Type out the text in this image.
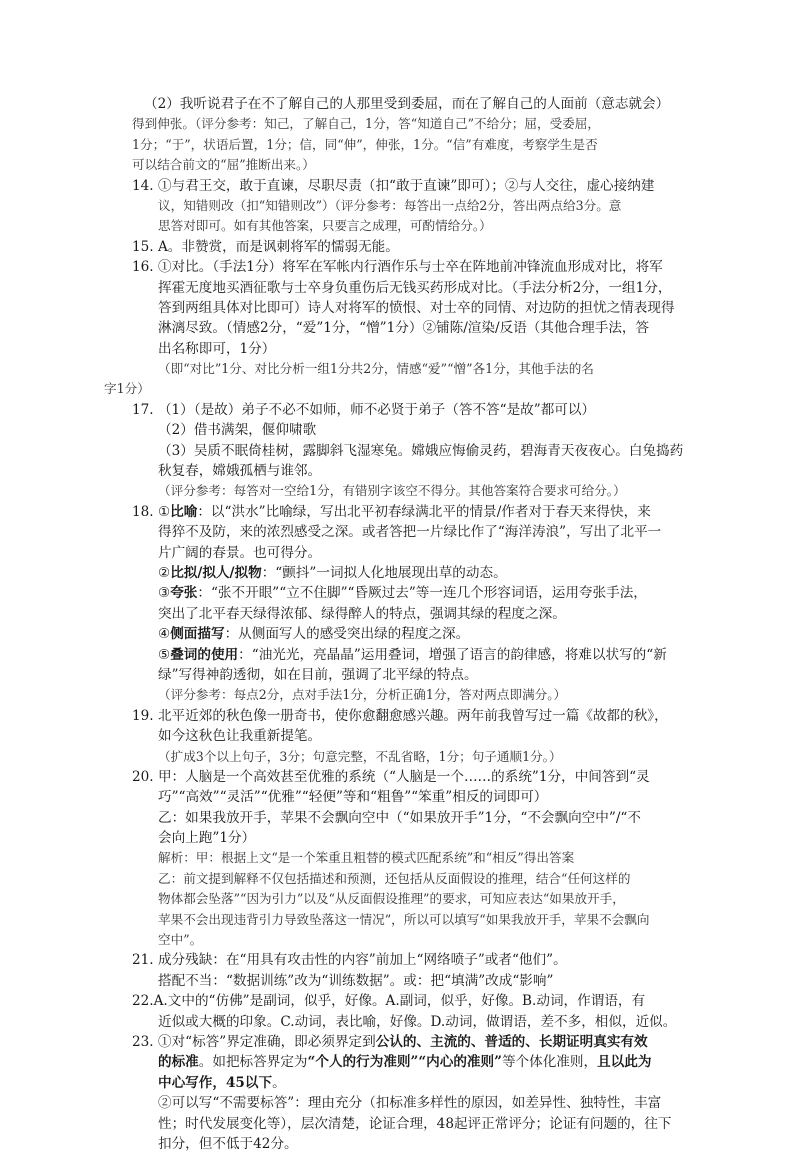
（2）我听说君子在不了解自己的人那里受到委屈，而在了解自己的人面前（意志就会）
得到伸张。（评分参考：知己，了解自己，1分，答“知道自己”不给分；屈，受委屈，
1分；“于”，状语后置，1分；信，同“伸”，伸张，1分。“信”有难度，考察学生是否
可以结合前文的“屈”推断出来。）
14. ①与君王交，敢于直谏，尽职尽责（扣“敢于直谏”即可）；②与人交往，虚心接纳建
议，知错则改（扣“知错则改”）（评分参考：每答出一点给2分，答出两点给3分。意
思答对即可。如有其他答案，只要言之成理，可酌情给分。）
15. A。非赞赏，而是讽刺将军的懦弱无能。
16. ①对比。（手法1分）将军在军帐内行酒作乐与士卒在阵地前冲锋流血形成对比，将军
挥霍无度地买酒征歌与士卒身负重伤后无钱买药形成对比。（手法分析2分，一组1分，
答到两组具体对比即可）诗人对将军的愤恨、对士卒的同情、对边防的担忧之情表现得
淋漓尽致。（情感2分，“爱”1分，“憎”1分）②铺陈/渲染/反语（其他合理手法，答
出名称即可，1分）
（即“对比”1分、对比分析一组1分共2分，情感“爱”“憎”各1分，其他手法的名
字1分）
17. （1）（是故）弟子不必不如师，师不必贤于弟子（答不答“是故”都可以）
（2）借书满架，偃仰啸歌
（3）吴质不眠倚桂树，露脚斜飞湿寒兔。嫦娥应悔偷灵药，碧海青天夜夜心。白兔捣药
秋复春，嫦娥孤栖与谁邻。
（评分参考：每答对一空给1分，有错别字该空不得分。其他答案符合要求可给分。）
18. ①比喻：以“洪水”比喻绿，写出北平初春绿满北平的情景/作者对于春天来得快，来
得猝不及防，来的浓烈感受之深。或者答把一片绿比作了“海洋涛浪”，写出了北平一
片广阔的春景。也可得分。
②比拟/拟人/拟物：“颤抖”一词拟人化地展现出草的动态。
③夸张：“张不开眼”“立不住脚”“昏厥过去”等一连几个形容词语，运用夸张手法，
突出了北平春天绿得浓郁、绿得醉人的特点，强调其绿的程度之深。
④侧面描写：从侧面写人的感受突出绿的程度之深。
⑤叠词的使用：“油光光，亮晶晶”运用叠词，增强了语言的韵律感，将难以状写的“新
绿”写得神韵透彻，如在目前，强调了北平绿的特点。
（评分参考：每点2分，点对手法1分，分析正确1分，答对两点即满分。）
19. 北平近郊的秋色像一册奇书，使你愈翻愈感兴趣。两年前我曾写过一篇《故都的秋》，
如今这秋色让我重新提笔。
（扩成3个以上句子，3分；句意完整，不乱省略，1分；句子通顺1分。）
20. 甲：人脑是一个高效甚至优雅的系统（“人脑是一个……的系统”1分，中间答到“灵
巧”“高效”“灵活”“优雅”“轻便”等和“粗鲁”“笨重”相反的词即可）
乙：如果我放开手，苹果不会飘向空中（“如果放开手”1分，“不会飘向空中”/“不
会向上跑”1分）
解析：甲：根据上文“是一个笨重且粗替的模式匹配系统”和“相反”得出答案
乙：前文提到解释不仅包括描述和预测，还包括从反面假设的推理，结合“任何这样的
物体都会坠落”“因为引力”以及“从反面假设推理”的要求，可知应表达“如果放开手，
苹果不会出现违背引力导致坠落这一情况”，所以可以填写“如果我放开手，苹果不会飘向
空中”。
21. 成分残缺：在“用具有攻击性的内容”前加上“网络喷子”或者“他们”。
搭配不当：“数据训练”改为“训练数据”。或：把“填满”改成“影响”
22.A.文中的“仿佛”是副词，似乎，好像。A.副词，似乎，好像。B.动词，作谓语，有
近似或大概的印象。C.动词，表比喻，好像。D.动词，做谓语，差不多，相似，近似。
23. ①对“标答”界定准确，即必须界定到公认的、主流的、普适的、长期证明真实有效
的标准。如把标答界定为“个人的行为准则”“内心的准则”等个体化准则，且以此为
中心写作，45以下。
②可以写“不需要标答”：理由充分（扣标准多样性的原因，如差异性、独特性，丰富
性；时代发展变化等），层次清楚，论证合理，48起评正常评分；论证有问题的，往下
扣分，但不低于42分。
